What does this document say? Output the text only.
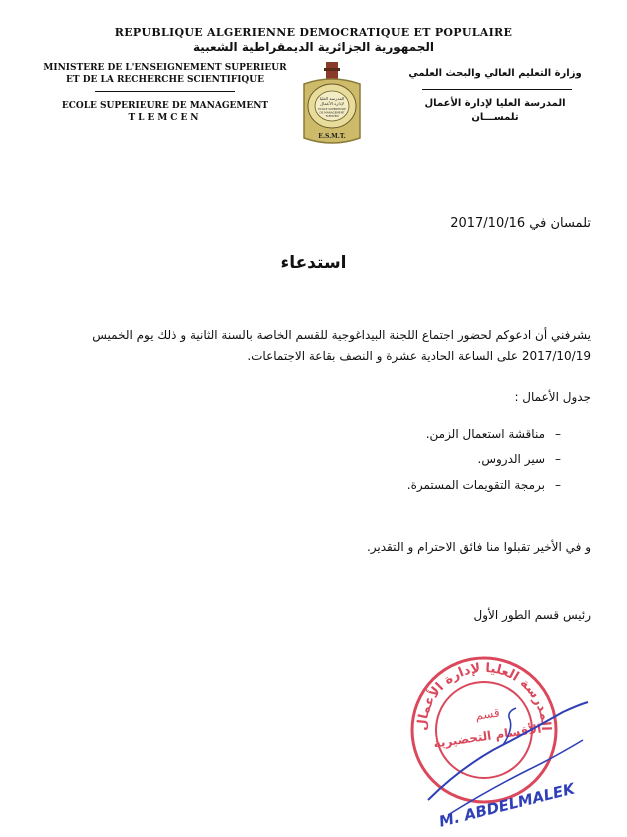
REPUBLIQUE ALGERIENNE DEMOCRATIQUE ET POPULAIRE
الجمهورية الجزائرية الديمقراطية الشعبية
MINISTERE DE L'ENSEIGNEMENT SUPERIEUR
ET DE LA RECHERCHE SCIENTIFIQUE
ECOLE SUPERIEURE DE MANAGEMENT
TLEMCEN
وزارة التعليم العالي والبحث العلمي
المدرسة العليا لإدارة الأعمال
تلمســـان
المدرسة العليا
لإدارة الأعمال
ECOLE SUPERIEURE
DE MANAGEMENT
TLEMCEN
E.S.M.T.
تلمسان في 2017/10/16
استدعاء
يشرفني أن ادعوكم لحضور اجتماع اللجنة البيداغوجية للقسم الخاصة بالسنة الثانية و ذلك يوم الخميس
2017/10/19 على الساعة الحادية عشرة و النصف بقاعة الاجتماعات.
جدول الأعمال :
–
مناقشة استعمال الزمن.
–
سير الدروس.
–
برمجة التقويمات المستمرة.
و في الأخير تقبلوا منا فائق الاحترام و التقدير.
رئيس قسم الطور الأول
المدرسة العليا لإدارة الأعمال
قسم
الأقسام التحضيرية
M. ABDELMALEK
